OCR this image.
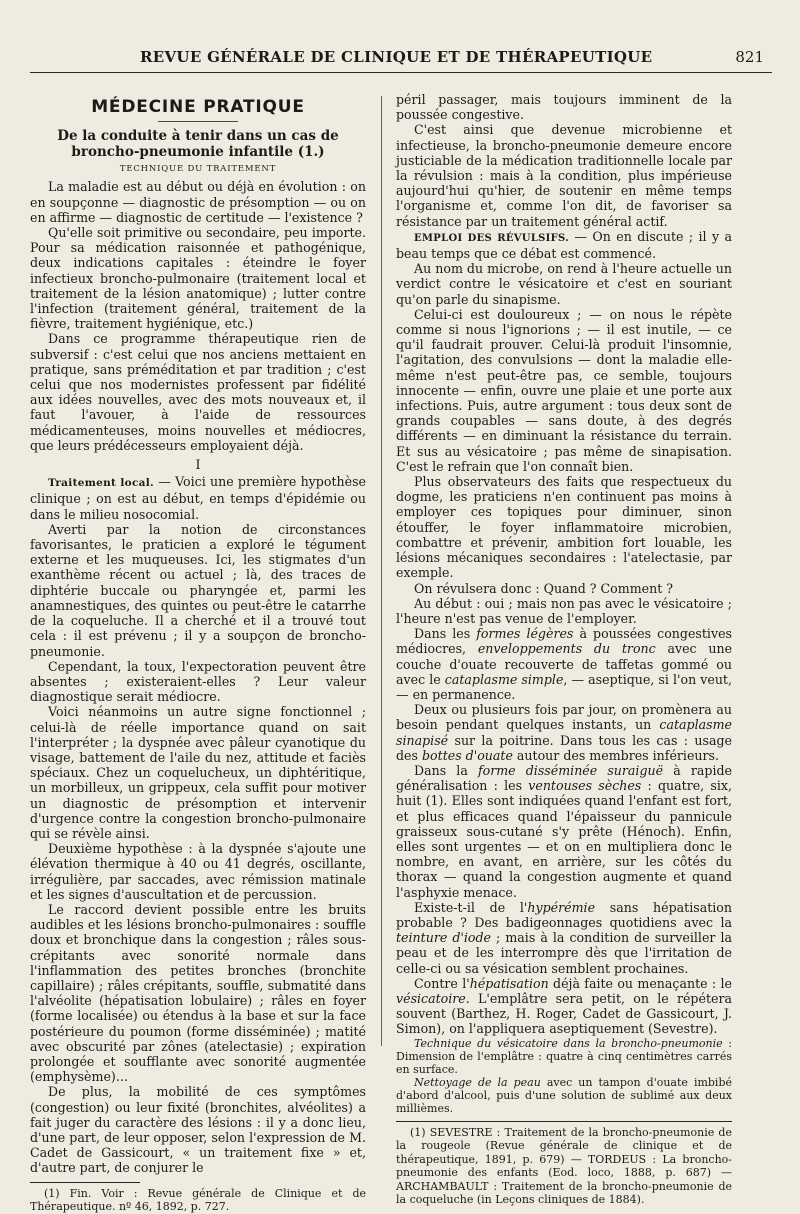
REVUE GÉNÉRALE DE CLINIQUE ET DE THÉRAPEUTIQUE	821
MÉDECINE PRATIQUE
De la conduite à tenir dans un cas de broncho-pneumonie infantile (1.)
TECHNIQUE DU TRAITEMENT

La maladie est au début ou déjà en évolution : on en soupçonne — diagnostic de présomption — ou on en affirme — diagnostic de certitude — l'existence ?

Qu'elle soit primitive ou secondaire, peu importe. Pour sa médication raisonnée et pathogénique, deux indications capitales : éteindre le foyer infectieux broncho-pulmonaire (traitement local et traitement de la lésion anatomique) ; lutter contre l'infection (traitement général, traitement de la fièvre, traitement hygiénique, etc.)

Dans ce programme thérapeutique rien de subversif : c'est celui que nos anciens mettaient en pratique, sans préméditation et par tradition ; c'est celui que nos modernistes professent par fidélité aux idées nouvelles, avec des mots nouveaux et, il faut l'avouer, à l'aide de ressources médicamenteuses, moins nouvelles et médiocres, que leurs prédécesseurs employaient déjà.

I

Traitement local. — Voici une première hypothèse clinique ; on est au début, en temps d'épidémie ou dans le milieu nosocomial.

Averti par la notion de circonstances favorisantes, le praticien a exploré le tégument externe et les muqueuses. Ici, les stigmates d'un exanthème récent ou actuel ; là, des traces de diphtérie buccale ou pharyngée et, parmi les anamnestiques, des quintes ou peut-être le catarrhe de la coqueluche. Il a cherché et il a trouvé tout cela : il est prévenu ; il y a soupçon de broncho-pneumonie.

Cependant, la toux, l'expectoration peuvent être absentes ; existeraient-elles ? Leur valeur diagnostique serait médiocre.

Voici néanmoins un autre signe fonctionnel ; celui-là de réelle importance quand on sait l'interpréter ; la dyspnée avec pâleur cyanotique du visage, battement de l'aile du nez, attitude et faciès spéciaux. Chez un coquelucheux, un diphtéritique, un morbilleux, un grippeux, cela suffit pour motiver un diagnostic de présomption et intervenir d'urgence contre la congestion broncho-pulmonaire qui se révèle ainsi.

Deuxième hypothèse : à la dyspnée s'ajoute une élévation thermique à 40 ou 41 degrés, oscillante, irrégulière, par saccades, avec rémission matinale et les signes d'auscultation et de percussion.

Le raccord devient possible entre les bruits audibles et les lésions broncho-pulmonaires : souffle doux et bronchique dans la congestion ; râles sous-crépitants avec sonorité normale dans l'inflammation des petites bronches (bronchite capillaire) ; râles crépitants, souffle, submatité dans l'alvéolite (hépatisation lobulaire) ; râles en foyer (forme localisée) ou étendus à la base et sur la face postérieure du poumon (forme disséminée) ; matité avec obscurité par zônes (atelectasie) ; expiration prolongée et soufflante avec sonorité augmentée (emphysème)...

De plus, la mobilité de ces symptômes (congestion) ou leur fixité (bronchites, alvéolites) a fait juger du caractère des lésions : il y a donc lieu, d'une part, de leur opposer, selon l'expression de M. Cadet de Gassicourt, « un traitement fixe » et, d'autre part, de conjurer le

(1) Fin. Voir : Revue générale de Clinique et de Thérapeutique. nº 46, 1892, p. 727.

péril passager, mais toujours imminent de la poussée congestive.

C'est ainsi que devenue microbienne et infectieuse, la broncho-pneumonie demeure encore justiciable de la médication traditionnelle locale par la révulsion : mais à la condition, plus impérieuse aujourd'hui qu'hier, de soutenir en même temps l'organisme et, comme l'on dit, de favoriser sa résistance par un traitement général actif.

EMPLOI DES RÉVULSIFS. — On en discute ; il y a beau temps que ce débat est commencé.

Au nom du microbe, on rend à l'heure actuelle un verdict contre le vésicatoire et c'est en souriant qu'on parle du sinapisme.

Celui-ci est douloureux ; — on nous le répète comme si nous l'ignorions ; — il est inutile, — ce qu'il faudrait prouver. Celui-là produit l'insomnie, l'agitation, des convulsions — dont la maladie elle-même n'est peut-être pas, ce semble, toujours innocente — enfin, ouvre une plaie et une porte aux infections. Puis, autre argument : tous deux sont de grands coupables — sans doute, à des degrés différents — en diminuant la résistance du terrain. Et sus au vésicatoire ; pas même de sinapisation. C'est le refrain que l'on connaît bien.

Plus observateurs des faits que respectueux du dogme, les praticiens n'en continuent pas moins à employer ces topiques pour diminuer, sinon étouffer, le foyer inflammatoire microbien, combattre et prévenir, ambition fort louable, les lésions mécaniques secondaires : l'atelectasie, par exemple.

On révulsera donc : Quand ? Comment ?

Au début : oui ; mais non pas avec le vésicatoire ; l'heure n'est pas venue de l'employer.

Dans les formes légères à poussées congestives médiocres, enveloppements du tronc avec une couche d'ouate recouverte de taffetas gommé ou avec le cataplasme simple, — aseptique, si l'on veut, — en permanence.

Deux ou plusieurs fois par jour, on promènera au besoin pendant quelques instants, un cataplasme sinapisé sur la poitrine. Dans tous les cas : usage des bottes d'ouate autour des membres inférieurs.

Dans la forme disséminée suraiguë à rapide généralisation : les ventouses sèches : quatre, six, huit (1). Elles sont indiquées quand l'enfant est fort, et plus efficaces quand l'épaisseur du pannicule graisseux sous-cutané s'y prête (Hénoch). Enfin, elles sont urgentes — et on en multipliera donc le nombre, en avant, en arrière, sur les côtés du thorax — quand la congestion augmente et quand l'asphyxie menace.

Existe-t-il de l'hypérémie sans hépatisation probable ? Des badigeonnages quotidiens avec la teinture d'iode ; mais à la condition de surveiller la peau et de les interrompre dès que l'irritation de celle-ci ou sa vésication semblent prochaines.

Contre l'hépatisation déjà faite ou menaçante : le vésicatoire. L'emplâtre sera petit, on le répétera souvent (Barthez, H. Roger, Cadet de Gassicourt, J. Simon), on l'appliquera aseptiquement (Sevestre).

Technique du vésicatoire dans la broncho-pneumonie : Dimension de l'emplâtre : quatre à cinq centimètres carrés en surface.

Nettoyage de la peau avec un tampon d'ouate imbibé d'abord d'alcool, puis d'une solution de sublimé aux deux millièmes.

(1) SEVESTRE : Traitement de la broncho-pneumonie de la rougeole (Revue générale de clinique et de thérapeutique, 1891, p. 679) — TORDEUS : La broncho-pneumonie des enfants (Eod. loco, 1888, p. 687) — ARCHAMBAULT : Traitement de la broncho-pneumonie de la coqueluche (in Leçons cliniques de 1884).
